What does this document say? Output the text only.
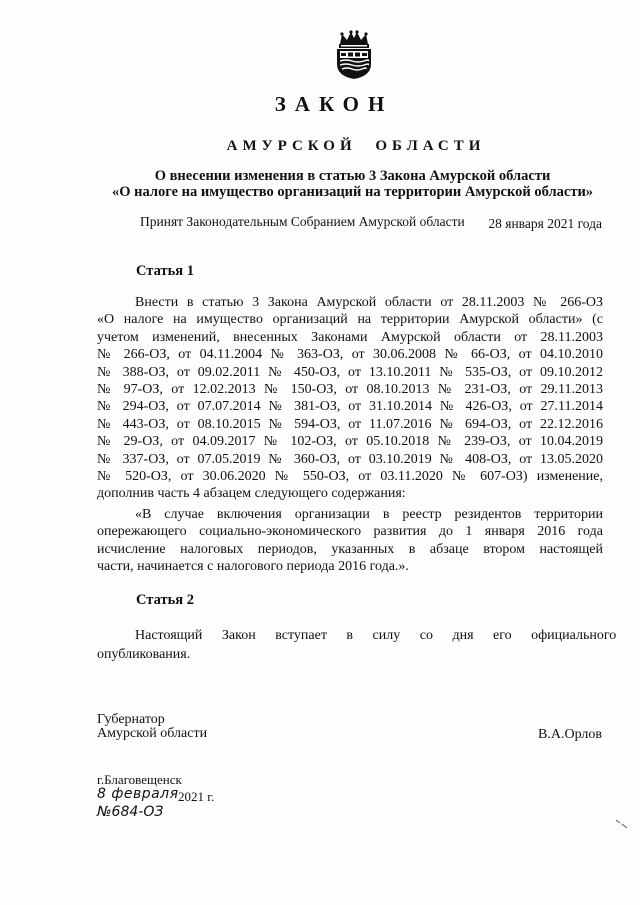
ЗАКОН
АМУРСКОЙ ОБЛАСТИ
О внесении изменения в статью 3 Закона Амурской области
«О налоге на имущество организаций на территории Амурской области»
Принят Законодательным Собранием Амурской области 28 января 2021 года
Статья 1
Внести в статью 3 Закона Амурской области от 28.11.2003 № 266-ОЗ
«О налоге на имущество организаций на территории Амурской области» (с
учетом изменений, внесенных Законами Амурской области от 28.11.2003
№ 266-ОЗ, от 04.11.2004 № 363-ОЗ, от 30.06.2008 № 66-ОЗ, от 04.10.2010
№ 388-ОЗ, от 09.02.2011 № 450-ОЗ, от 13.10.2011 № 535-ОЗ, от 09.10.2012
№ 97-ОЗ, от 12.02.2013 № 150-ОЗ, от 08.10.2013 № 231-ОЗ, от 29.11.2013
№ 294-ОЗ, от 07.07.2014 № 381-ОЗ, от 31.10.2014 № 426-ОЗ, от 27.11.2014
№ 443-ОЗ, от 08.10.2015 № 594-ОЗ, от 11.07.2016 № 694-ОЗ, от 22.12.2016
№ 29-ОЗ, от 04.09.2017 № 102-ОЗ, от 05.10.2018 № 239-ОЗ, от 10.04.2019
№ 337-ОЗ, от 07.05.2019 № 360-ОЗ, от 03.10.2019 № 408-ОЗ, от 13.05.2020
№ 520-ОЗ, от 30.06.2020 № 550-ОЗ, от 03.11.2020 № 607-ОЗ) изменение,
дополнив часть 4 абзацем следующего содержания:
«В случае включения организации в реестр резидентов территории
опережающего социально-экономического развития до 1 января 2016 года
исчисление налоговых периодов, указанных в абзаце втором настоящей
части, начинается с налогового периода 2016 года.».
Статья 2
Настоящий Закон вступает в силу со дня его официального
опубликования.
Губернатор
Амурской области	В.А.Орлов
г.Благовещенск
8 февраля 2021 г.
№684-ОЗ
